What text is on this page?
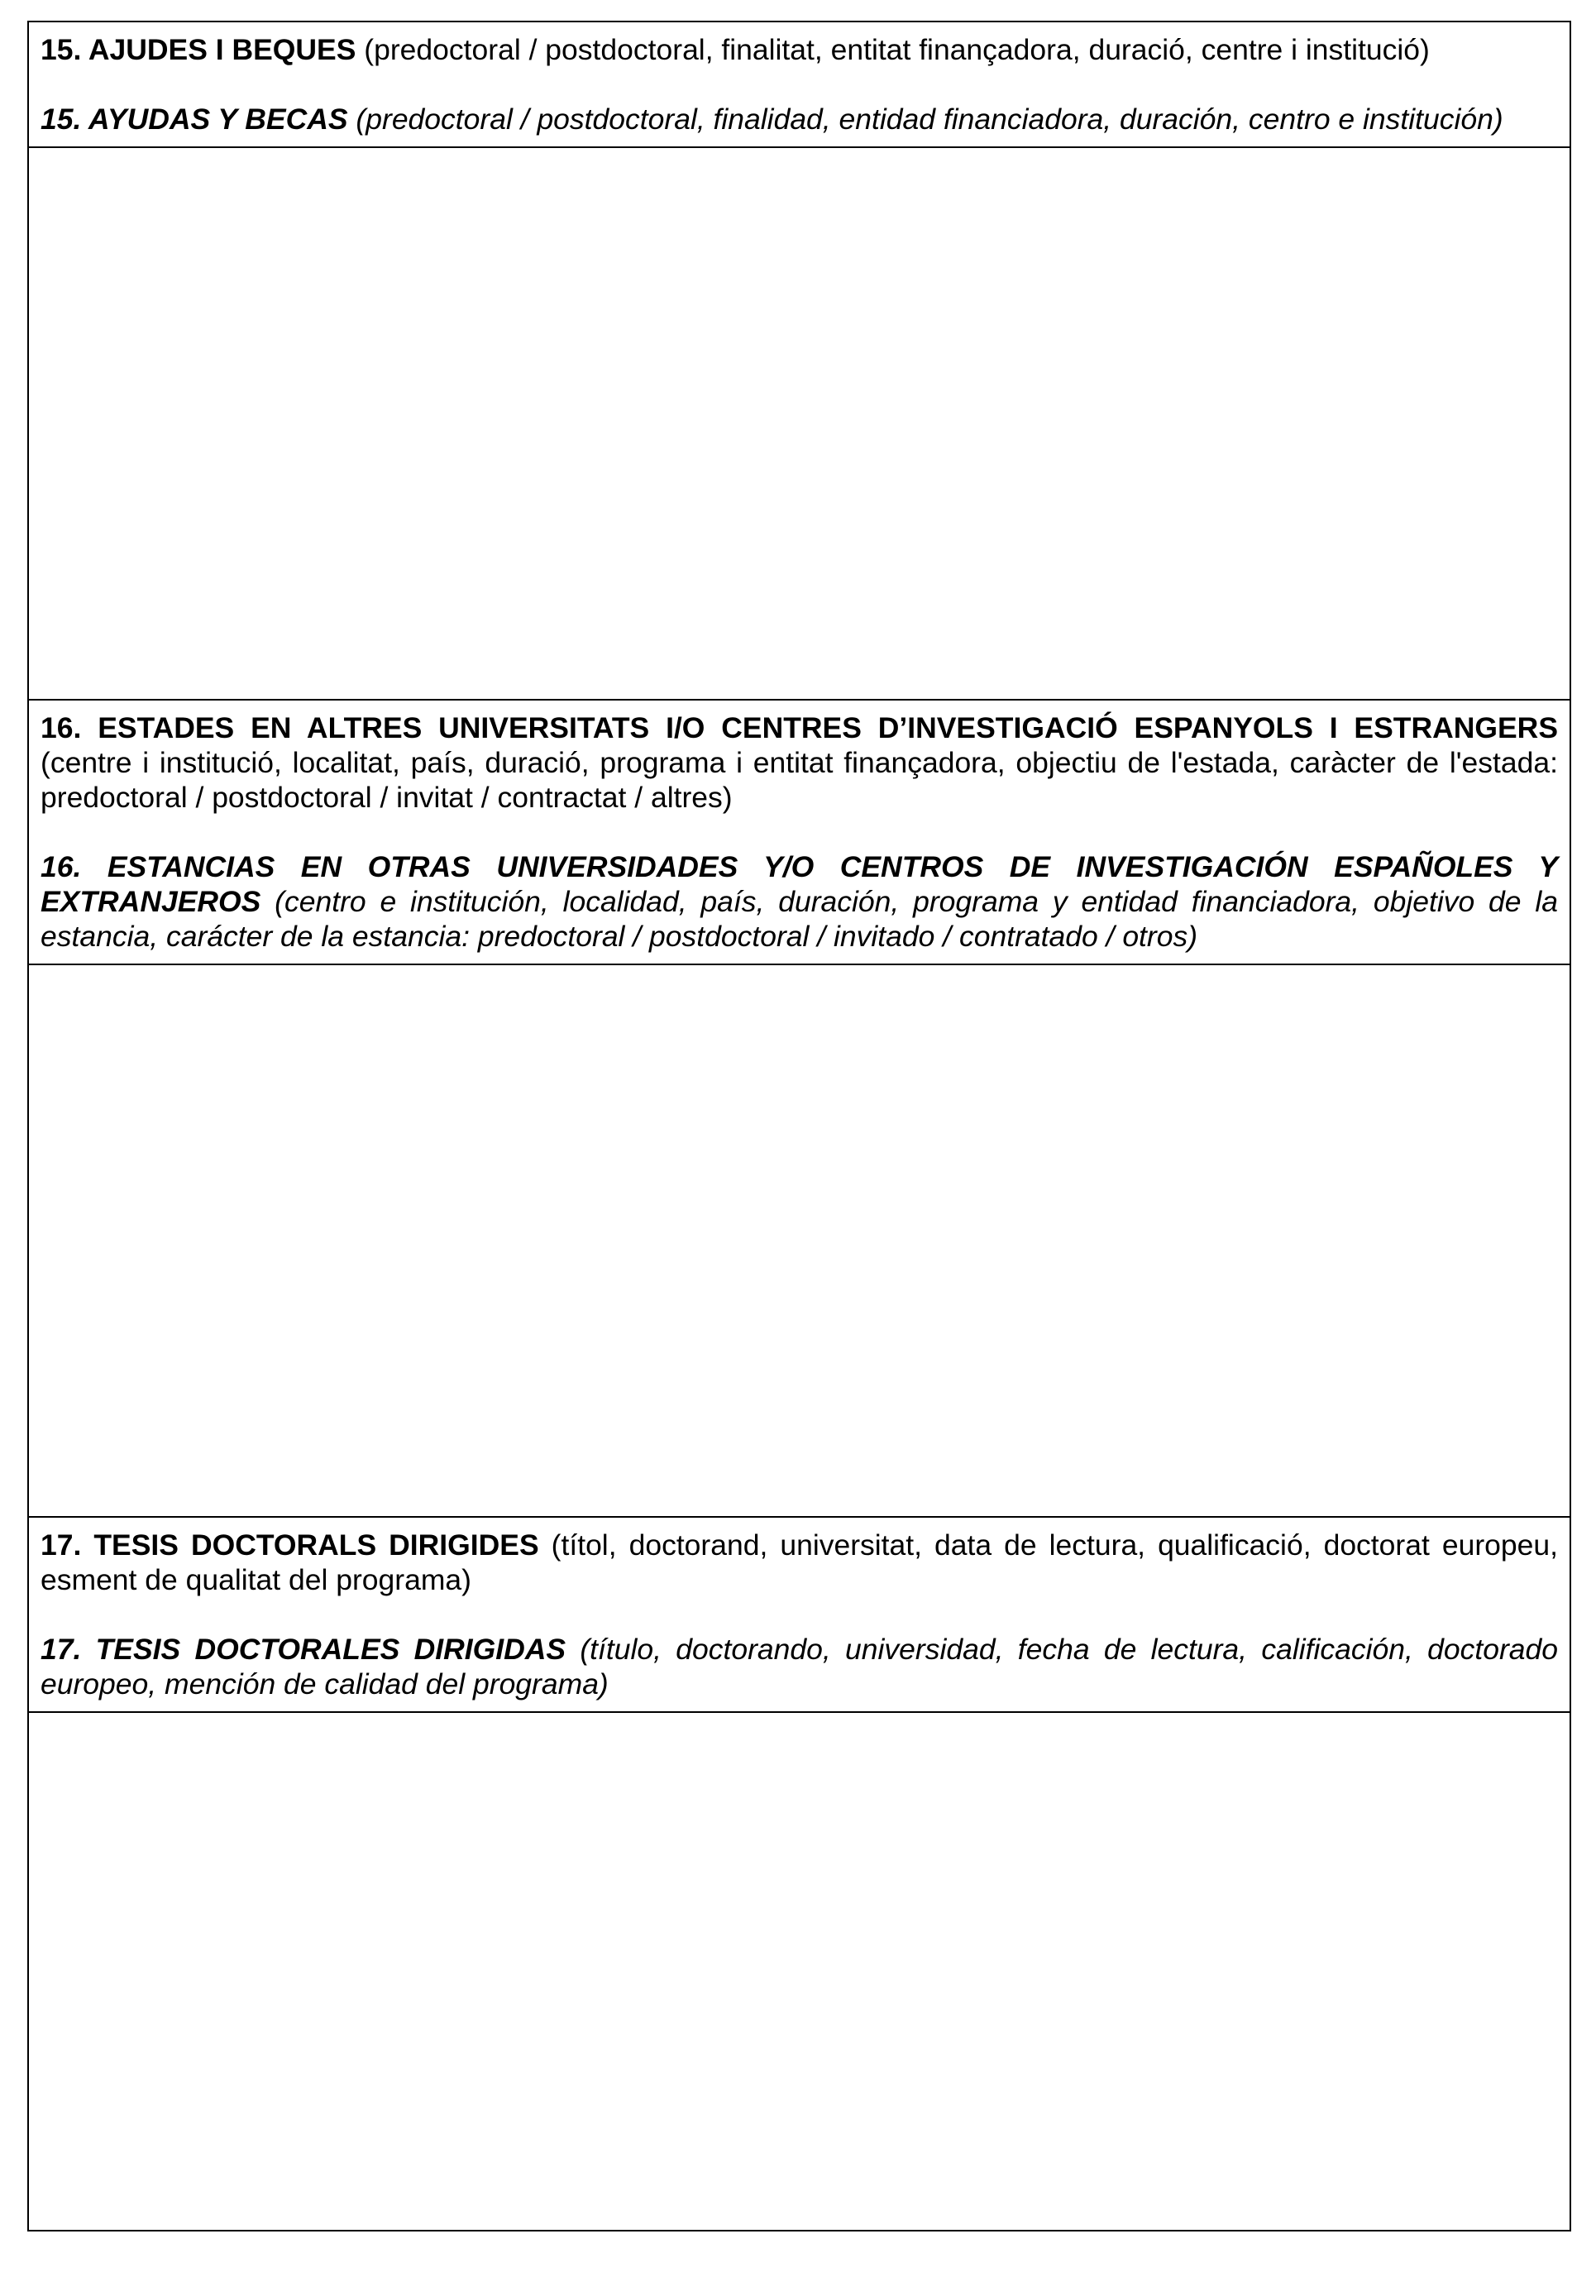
15. AJUDES I BEQUES (predoctoral / postdoctoral, finalitat, entitat finançadora, duració, centre i institució)

15. AYUDAS Y BECAS (predoctoral / postdoctoral, finalidad, entidad financiadora, duración, centro e institución)

16. ESTADES EN ALTRES UNIVERSITATS I/O CENTRES D’INVESTIGACIÓ ESPANYOLS I ESTRANGERS (centre i institució, localitat, país, duració, programa i entitat finançadora, objectiu de l'estada, caràcter de l'estada: predoctoral / postdoctoral / invitat / contractat / altres)

16. ESTANCIAS EN OTRAS UNIVERSIDADES Y/O CENTROS DE INVESTIGACIÓN ESPAÑOLES Y EXTRANJEROS (centro e institución, localidad, país, duración, programa y entidad financiadora, objetivo de la estancia, carácter de la estancia: predoctoral / postdoctoral / invitado / contratado / otros)

17. TESIS DOCTORALS DIRIGIDES (títol, doctorand, universitat, data de lectura, qualificació, doctorat europeu, esment de qualitat del programa)

17. TESIS DOCTORALES DIRIGIDAS (título, doctorando, universidad, fecha de lectura, calificación, doctorado europeo, mención de calidad del programa)
